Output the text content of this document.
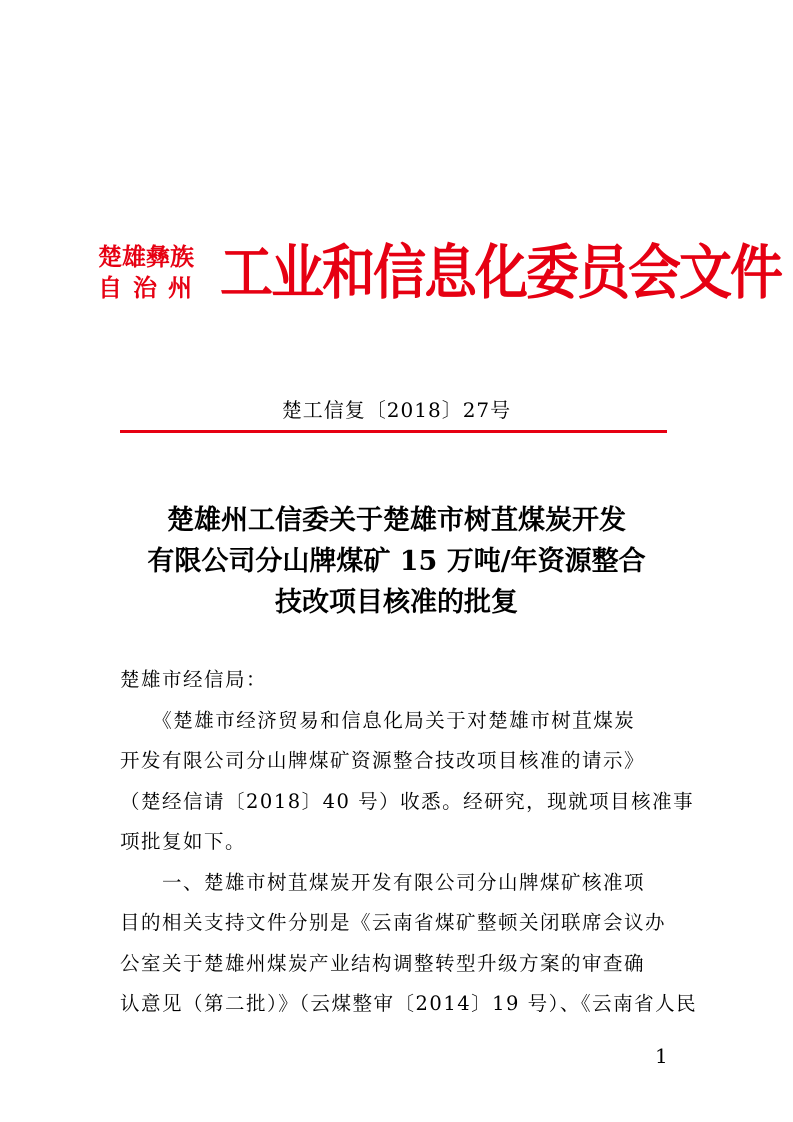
楚雄彝族
自治州 工业和信息化委员会文件
楚工信复〔2018〕27号
楚雄州工信委关于楚雄市树苴煤炭开发
有限公司分山牌煤矿 15 万吨/年资源整合
技改项目核准的批复
楚雄市经信局：
　　《楚雄市经济贸易和信息化局关于对楚雄市树苴煤炭
开发有限公司分山牌煤矿资源整合技改项目核准的请示》
（楚经信请〔2018〕40 号）收悉。经研究，现就项目核准事
项批复如下。
　　一、楚雄市树苴煤炭开发有限公司分山牌煤矿核准项
目的相关支持文件分别是《云南省煤矿整顿关闭联席会议办
公室关于楚雄州煤炭产业结构调整转型升级方案的审查确
认意见（第二批）》（云煤整审〔2014〕19 号）、《云南省人民
1
